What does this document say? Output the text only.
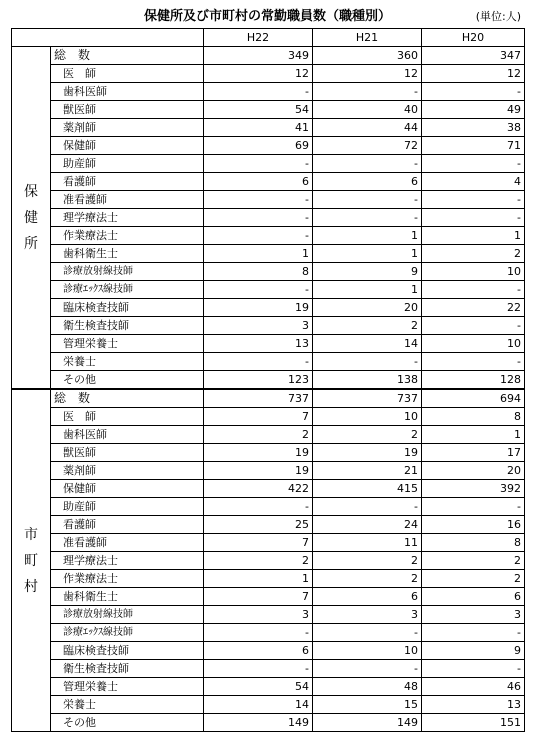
保健所及び市町村の常勤職員数（職種別）	(単位:人)
		H22	H21	H20

保
健
所	総　数	349	360	347
	医　師	12	12	12
	歯科医師	-	-	-
	獣医師	54	40	49
	薬剤師	41	44	38
	保健師	69	72	71
	助産師	-	-	-
	看護師	6	6	4
	准看護師	-	-	-
	理学療法士	-	-	-
	作業療法士	-	1	1
	歯科衛生士	1	1	2
	診療放射線技師	8	9	10
	診療ｴｯｸｽ線技師	-	1	-
	臨床検査技師	19	20	22
	衛生検査技師	3	2	-
	管理栄養士	13	14	10
	栄養士	-	-	-
	その他	123	138	128

市
町
村	総　数	737	737	694
	医　師	7	10	8
	歯科医師	2	2	1
	獣医師	19	19	17
	薬剤師	19	21	20
	保健師	422	415	392
	助産師	-	-	-
	看護師	25	24	16
	准看護師	7	11	8
	理学療法士	2	2	2
	作業療法士	1	2	2
	歯科衛生士	7	6	6
	診療放射線技師	3	3	3
	診療ｴｯｸｽ線技師	-	-	-
	臨床検査技師	6	10	9
	衛生検査技師	-	-	-
	管理栄養士	54	48	46
	栄養士	14	15	13
	その他	149	149	151
